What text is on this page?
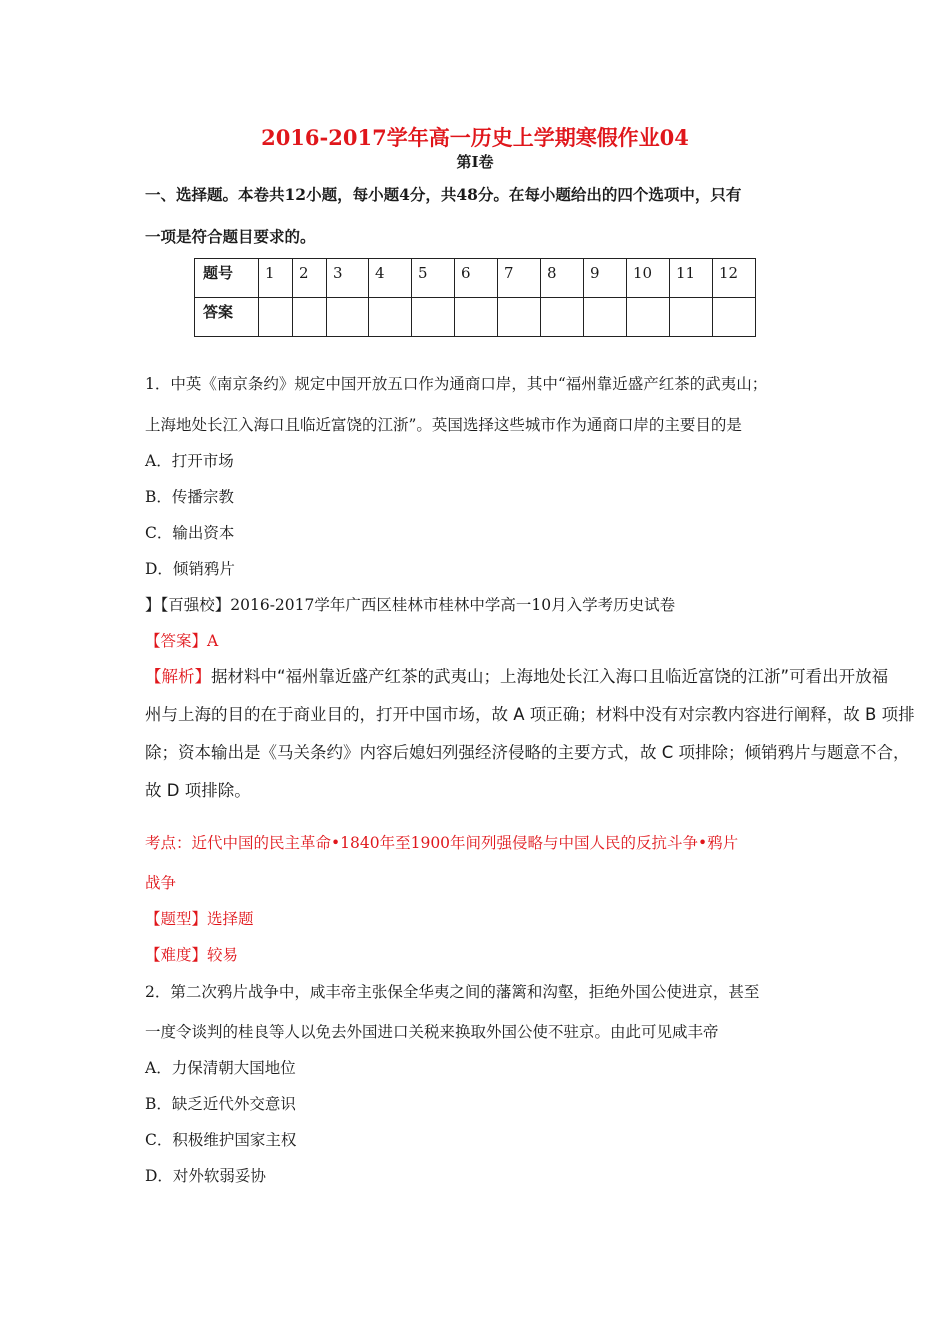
2016-2017学年高一历史上学期寒假作业04
第I卷
一、选择题。本卷共12小题，每小题4分，共48分。在每小题给出的四个选项中，只有
一项是符合题目要求的。
题号	1	2	3	4	5	6	7	8	9	10	11	12
答案												
1．中英《南京条约》规定中国开放五口作为通商口岸，其中“福州靠近盛产红茶的武夷山；
上海地处长江入海口且临近富饶的江浙”。英国选择这些城市作为通商口岸的主要目的是
A．打开市场
B．传播宗教
C．输出资本
D．倾销鸦片
】【百强校】2016-2017学年广西区桂林市桂林中学高一10月入学考历史试卷
【答案】A
【解析】据材料中“福州靠近盛产红茶的武夷山；上海地处长江入海口且临近富饶的江浙”可看出开放福
州与上海的目的在于商业目的，打开中国市场，故 A 项正确；材料中没有对宗教内容进行阐释，故 B 项排
除；资本输出是《马关条约》内容后媳妇列强经济侵略的主要方式，故 C 项排除；倾销鸦片与题意不合，
故 D 项排除。
考点：近代中国的民主革命•1840年至1900年间列强侵略与中国人民的反抗斗争•鸦片
战争
【题型】选择题
【难度】较易
2．第二次鸦片战争中，咸丰帝主张保全华夷之间的藩篱和沟壑，拒绝外国公使进京，甚至
一度令谈判的桂良等人以免去外国进口关税来换取外国公使不驻京。由此可见咸丰帝
A．力保清朝大国地位
B．缺乏近代外交意识
C．积极维护国家主权
D．对外软弱妥协
